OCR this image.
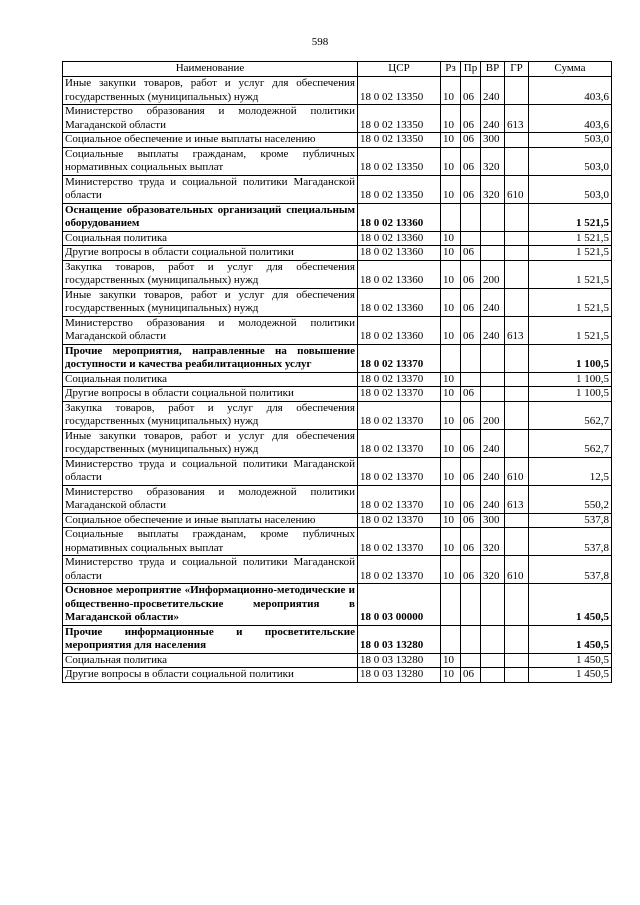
598
Наименование	ЦСР	Рз	Пр	ВР	ГР	Сумма
Иные закупки товаров, работ и услуг для обеспечения государственных (муниципальных) нужд	18 0 02 13350	10	06	240		403,6
Министерство образования и молодежной политики Магаданской области	18 0 02 13350	10	06	240	613	403,6
Социальное обеспечение и иные выплаты населению	18 0 02 13350	10	06	300		503,0
Социальные выплаты гражданам, кроме публичных нормативных социальных выплат	18 0 02 13350	10	06	320		503,0
Министерство труда и социальной политики Магаданской области	18 0 02 13350	10	06	320	610	503,0
Оснащение образовательных организаций специальным оборудованием	18 0 02 13360					1 521,5
Социальная политика	18 0 02 13360	10				1 521,5
Другие вопросы в области социальной политики	18 0 02 13360	10	06			1 521,5
Закупка товаров, работ и услуг для обеспечения государственных (муниципальных) нужд	18 0 02 13360	10	06	200		1 521,5
Иные закупки товаров, работ и услуг для обеспечения государственных (муниципальных) нужд	18 0 02 13360	10	06	240		1 521,5
Министерство образования и молодежной политики Магаданской области	18 0 02 13360	10	06	240	613	1 521,5
Прочие мероприятия, направленные на повышение доступности и качества реабилитационных услуг	18 0 02 13370					1 100,5
Социальная политика	18 0 02 13370	10				1 100,5
Другие вопросы в области социальной политики	18 0 02 13370	10	06			1 100,5
Закупка товаров, работ и услуг для обеспечения государственных (муниципальных) нужд	18 0 02 13370	10	06	200		562,7
Иные закупки товаров, работ и услуг для обеспечения государственных (муниципальных) нужд	18 0 02 13370	10	06	240		562,7
Министерство труда и социальной политики Магаданской области	18 0 02 13370	10	06	240	610	12,5
Министерство образования и молодежной политики Магаданской области	18 0 02 13370	10	06	240	613	550,2
Социальное обеспечение и иные выплаты населению	18 0 02 13370	10	06	300		537,8
Социальные выплаты гражданам, кроме публичных нормативных социальных выплат	18 0 02 13370	10	06	320		537,8
Министерство труда и социальной политики Магаданской области	18 0 02 13370	10	06	320	610	537,8
Основное мероприятие «Информационно-методические и общественно-просветительские мероприятия в Магаданской области»	18 0 03 00000					1 450,5
Прочие информационные и просветительские мероприятия для населения	18 0 03 13280					1 450,5
Социальная политика	18 0 03 13280	10				1 450,5
Другие вопросы в области социальной политики	18 0 03 13280	10	06			1 450,5
